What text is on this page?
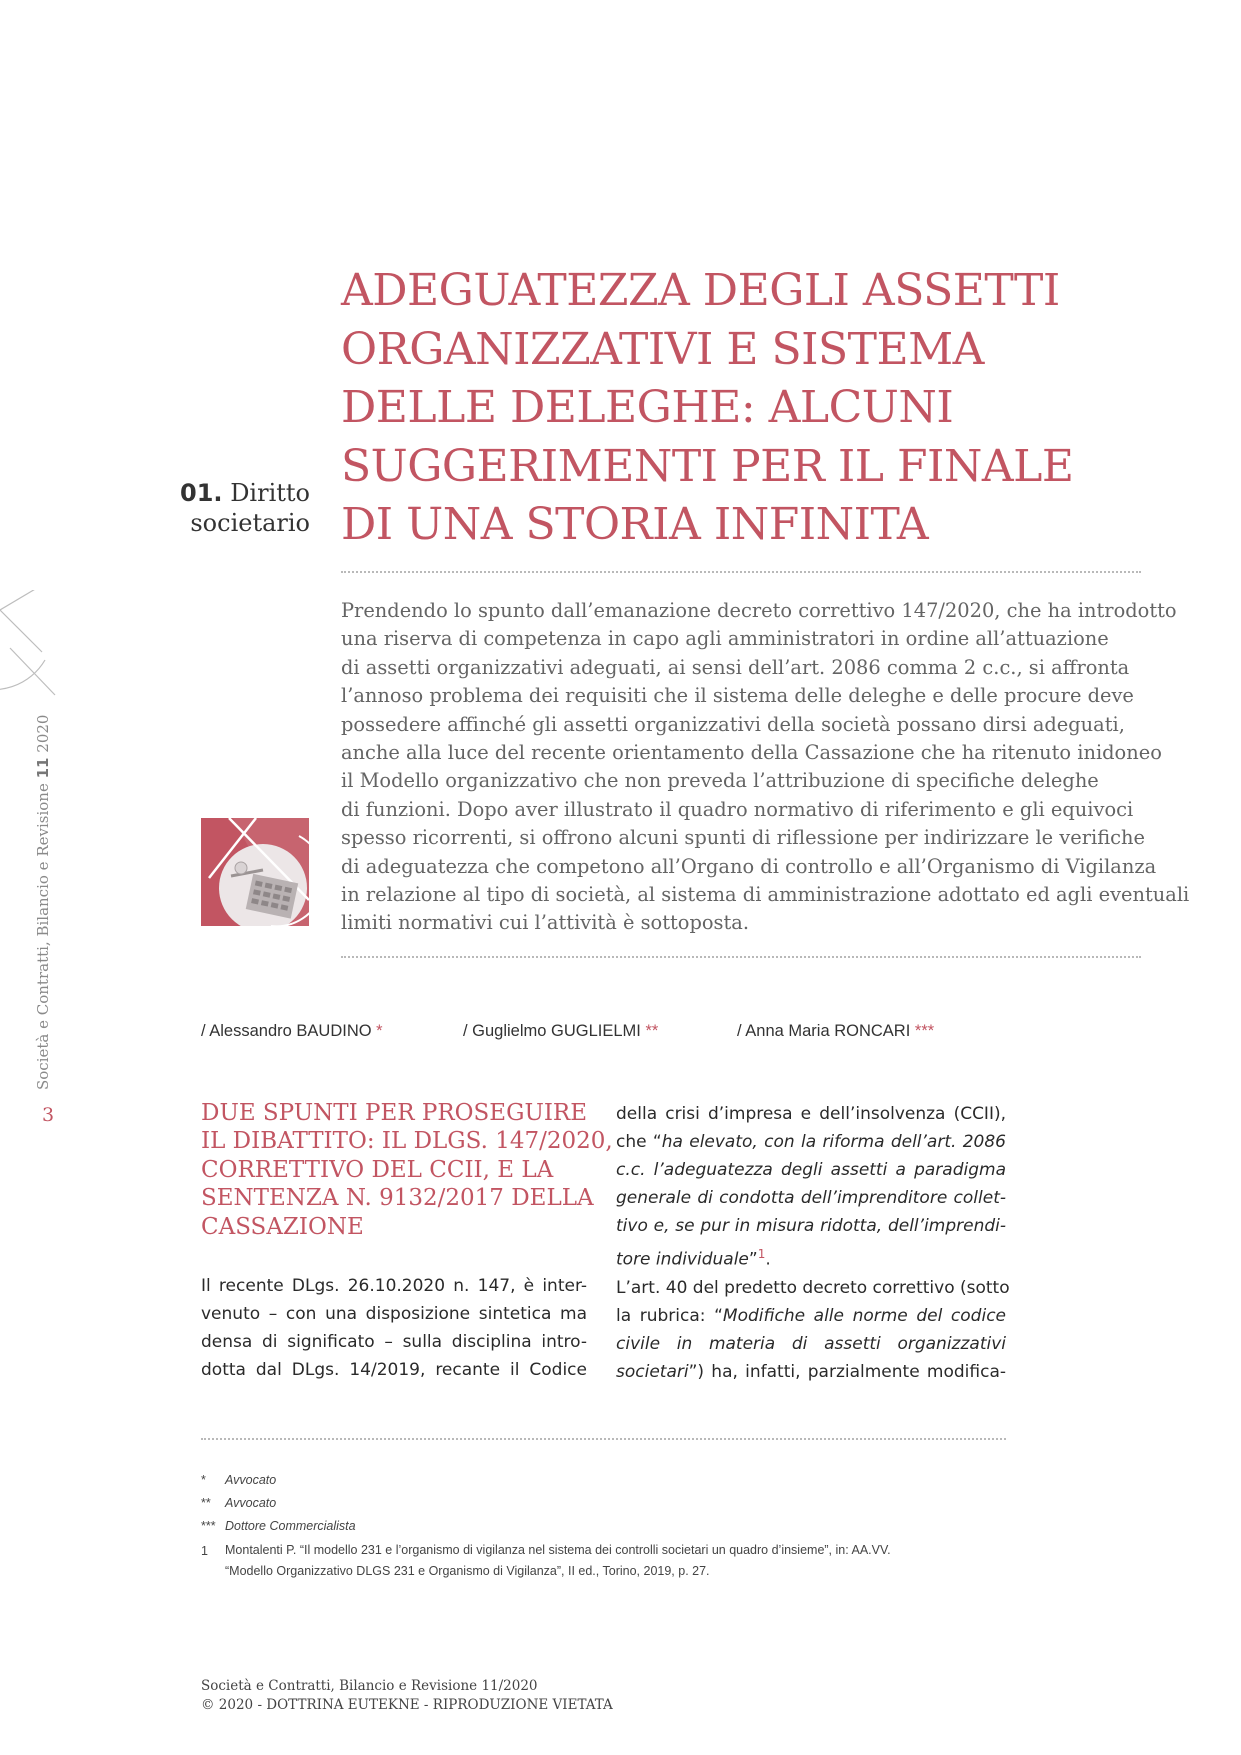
ADEGUATEZZA DEGLI ASSETTI
ORGANIZZATIVI E SISTEMA
DELLE DELEGHE: ALCUNI
SUGGERIMENTI PER IL FINALE
DI UNA STORIA INFINITA
01. Diritto
societario
Prendendo lo spunto dall’emanazione decreto correttivo 147/2020, che ha introdotto
una riserva di competenza in capo agli amministratori in ordine all’attuazione
di assetti organizzativi adeguati, ai sensi dell’art. 2086 comma 2 c.c., si affronta
l’annoso problema dei requisiti che il sistema delle deleghe e delle procure deve
possedere affinché gli assetti organizzativi della società possano dirsi adeguati,
anche alla luce del recente orientamento della Cassazione che ha ritenuto inidoneo
il Modello organizzativo che non preveda l’attribuzione di specifiche deleghe
di funzioni. Dopo aver illustrato il quadro normativo di riferimento e gli equivoci
spesso ricorrenti, si offrono alcuni spunti di riflessione per indirizzare le verifiche
di adeguatezza che competono all’Organo di controllo e all’Organismo di Vigilanza
in relazione al tipo di società, al sistema di amministrazione adottato ed agli eventuali
limiti normativi cui l’attività è sottoposta.
Società e Contratti, Bilancio e Revisione 11 2020
3
/ Alessandro BAUDINO *	/ Guglielmo GUGLIELMI **	/ Anna Maria RONCARI ***
DUE SPUNTI PER PROSEGUIRE
IL DIBATTITO: IL DLGS. 147/2020,
CORRETTIVO DEL CCII, E LA
SENTENZA N. 9132/2017 DELLA
CASSAZIONE
Il recente DLgs. 26.10.2020 n. 147, è inter-
venuto – con una disposizione sintetica ma
densa di significato – sulla disciplina intro-
dotta dal DLgs. 14/2019, recante il Codice
della crisi d’impresa e dell’insolvenza (CCII),
che “ha elevato, con la riforma dell’art. 2086
c.c. l’adeguatezza degli assetti a paradigma
generale di condotta dell’imprenditore collet-
tivo e, se pur in misura ridotta, dell’imprendi-
tore individuale”$^1$.
L’art. 40 del predetto decreto correttivo (sotto
la rubrica: “Modifiche alle norme del codice
civile in materia di assetti organizzativi
societari”) ha, infatti, parzialmente modifica-
*	Avvocato
**	Avvocato
*** Dottore Commercialista
1	Montalenti P. “Il modello 231 e l’organismo di vigilanza nel sistema dei controlli societari un quadro d’insieme”, in: AA.VV.
“Modello Organizzativo DLGS 231 e Organismo di Vigilanza”, II ed., Torino, 2019, p. 27.
Società e Contratti, Bilancio e Revisione 11/2020
© 2020 - DOTTRINA EUTEKNE - RIPRODUZIONE VIETATA
